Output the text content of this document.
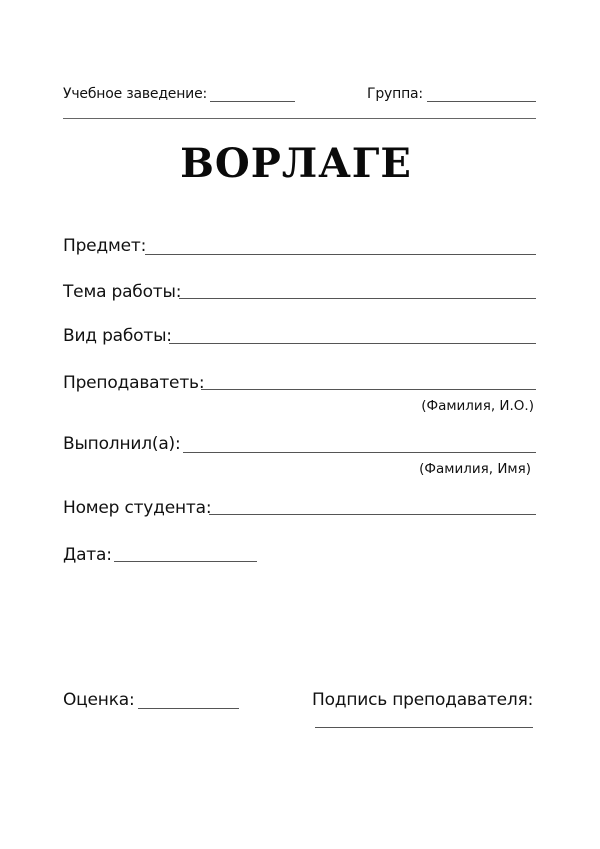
Учебное заведение:	Группа:
ВОРЛАГЕ
Предмет:
Тема работы:
Вид работы:
Преподаватеть:
(Фамилия, И.О.)
Выполнил(а):
(Фамилия, Имя)
Номер студента:
Дата:
Оценка:	Подпись преподавателя:
